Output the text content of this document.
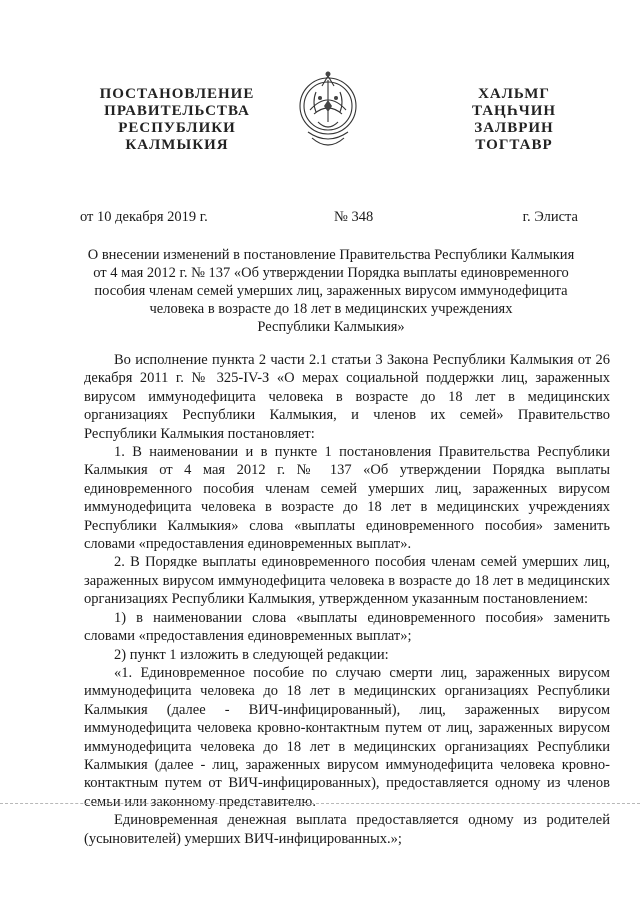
ПОСТАНОВЛЕНИЕ
ПРАВИТЕЛЬСТВА
РЕСПУБЛИКИ
КАЛМЫКИЯ
ХАЛЬМГ
ТАҢҺЧИН
ЗАЛВРИН
ТОГТАВР
от 10 декабря 2019 г.	№ 348	г. Элиста
О внесении изменений в постановление Правительства Республики Калмыкия
от 4 мая 2012 г. № 137 «Об утверждении Порядка выплаты единовременного
пособия членам семей умерших лиц, зараженных вирусом иммунодефицита
человека в возрасте до 18 лет в медицинских учреждениях
Республики Калмыкия»

Во исполнение пункта 2 части 2.1 статьи 3 Закона Республики Калмыкия от 26 декабря 2011 г. № 325-IV-З «О мерах социальной поддержки лиц, зараженных вирусом иммунодефицита человека в возрасте до 18 лет в медицинских организациях Республики Калмыкия, и членов их семей» Правительство Республики Калмыкия постановляет:

1. В наименовании и в пункте 1 постановления Правительства Республики Калмыкия от 4 мая 2012 г. № 137 «Об утверждении Порядка выплаты единовременного пособия членам семей умерших лиц, зараженных вирусом иммунодефицита человека в возрасте до 18 лет в медицинских учреждениях Республики Калмыкия» слова «выплаты единовременного пособия» заменить словами «предоставления единовременных выплат».

2. В Порядке выплаты единовременного пособия членам семей умерших лиц, зараженных вирусом иммунодефицита человека в возрасте до 18 лет в медицинских организациях Республики Калмыкия, утвержденном указанным постановлением:

1) в наименовании слова «выплаты единовременного пособия» заменить словами «предоставления единовременных выплат»;

2) пункт 1 изложить в следующей редакции:

«1. Единовременное пособие по случаю смерти лиц, зараженных вирусом иммунодефицита человека до 18 лет в медицинских организациях Республики Калмыкия (далее - ВИЧ-инфицированный), лиц, зараженных вирусом иммунодефицита человека кровно-контактным путем от лиц, зараженных вирусом иммунодефицита человека до 18 лет в медицинских организациях Республики Калмыкия (далее - лиц, зараженных вирусом иммунодефицита человека кровно-контактным путем от ВИЧ-инфицированных), предоставляется одному из членов семьи или законному представителю.

Единовременная денежная выплата предоставляется одному из родителей (усыновителей) умерших ВИЧ-инфицированных.»;
